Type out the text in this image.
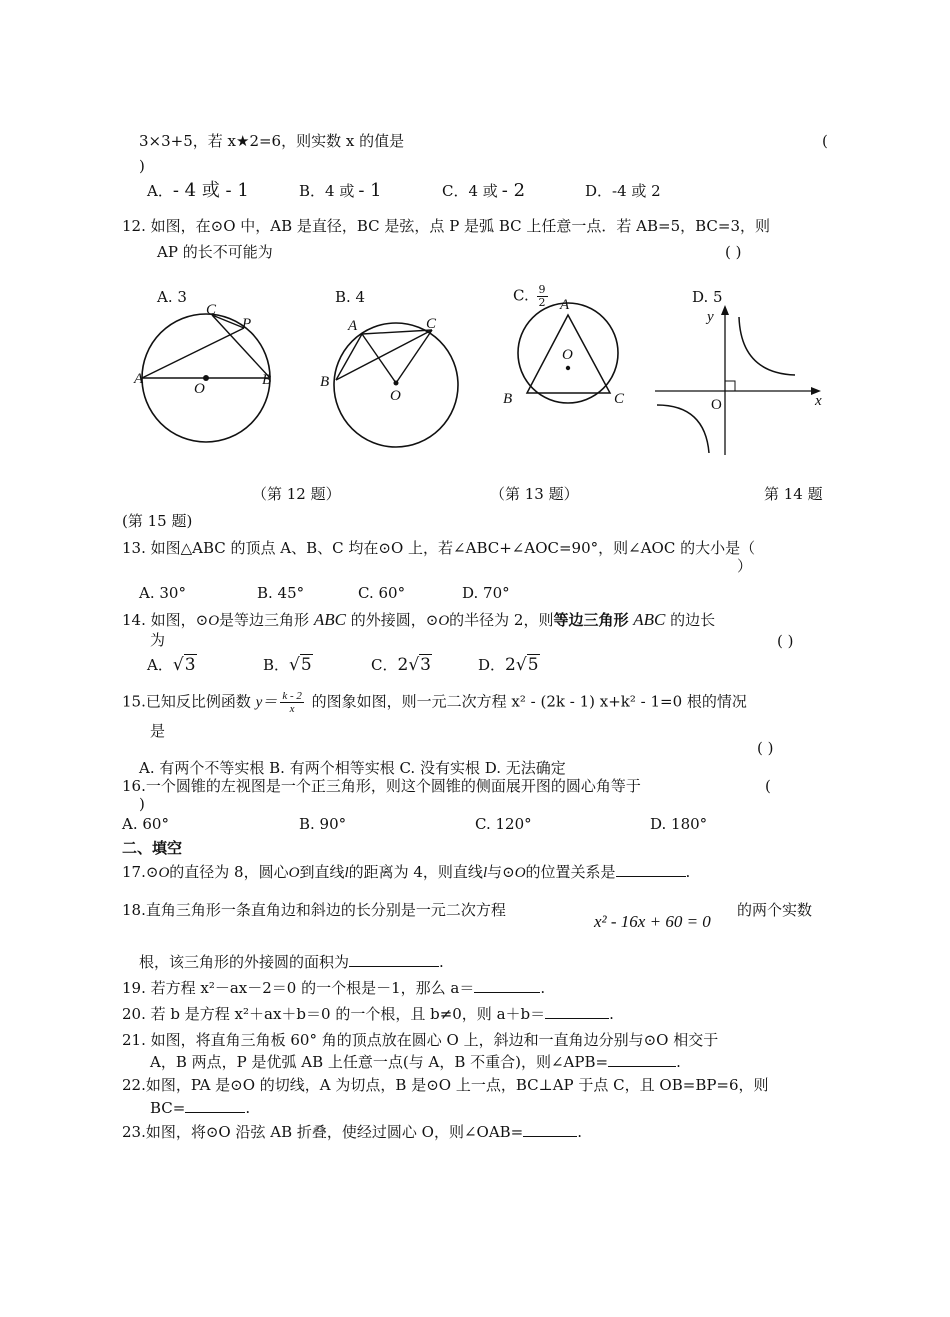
3×3+5，若 x★2=6，则实数 x 的值是	(
)
A．- 4 或 - 1	B．4 或 - 1	C．4 或 - 2	D．-4 或 2
12. 如图，在⊙O 中，AB 是直径，BC 是弦，点 P 是弧 BC 上任意一点．若 AB=5，BC=3，则
AP 的长不可能为	( )
A. 3	B. 4	C. $\frac{9}{2}$	D. 5
C
P
A
O
B
A	C
B
O
A
O
B	C
y
O	x
（第 12 题）	（第 13 题）	第 14 题
(第 15 题)
13. 如图△ABC 的顶点 A、B、C 均在⊙O 上，若∠ABC+∠AOC=90°，则∠AOC 的大小是（
）
A. 30°	B. 45°	C. 60°	D. 70°
14. 如图，⊙O是等边三角形 ABC 的外接圆，⊙O的半径为 2，则等边三角形 ABC 的边长
为	( )
A．√3	B．√5	C．2√3	D．2√5
15.已知反比例函数 $y= \frac{k - 2}{x}$ 的图象如图，则一元二次方程 x² - (2k - 1) x+k² - 1=0 根的情况
是
( )
A. 有两个不等实根 B. 有两个相等实根 C. 没有实根 D. 无法确定
16.一个圆锥的左视图是一个正三角形，则这个圆锥的侧面展开图的圆心角等于	(
)
A. 60°	B. 90°	C. 120°	D. 180°
二、填空
17.⊙O的直径为 8，圆心O到直线l的距离为 4，则直线l与⊙O的位置关系是	.
18.直角三角形一条直角边和斜边的长分别是一元二次方程
x² - 16x + 60 = 0
的两个实数
根，该三角形的外接圆的面积为	.
19. 若方程 x²－ax－2＝0 的一个根是－1，那么 a＝	.
20. 若 b 是方程 x²＋ax＋b＝0 的一个根，且 b≠0，则 a＋b＝	.
21. 如图，将直角三角板 60° 角的顶点放在圆心 O 上，斜边和一直角边分别与⊙O 相交于
A，B 两点，P 是优弧 AB 上任意一点(与 A，B 不重合)，则∠APB=	.
22.如图，PA 是⊙O 的切线，A 为切点，B 是⊙O 上一点，BC⊥AP 于点 C，且 OB=BP=6，则
BC=	.
23.如图，将⊙O 沿弦 AB 折叠，使经过圆心 O，则∠OAB=	.
